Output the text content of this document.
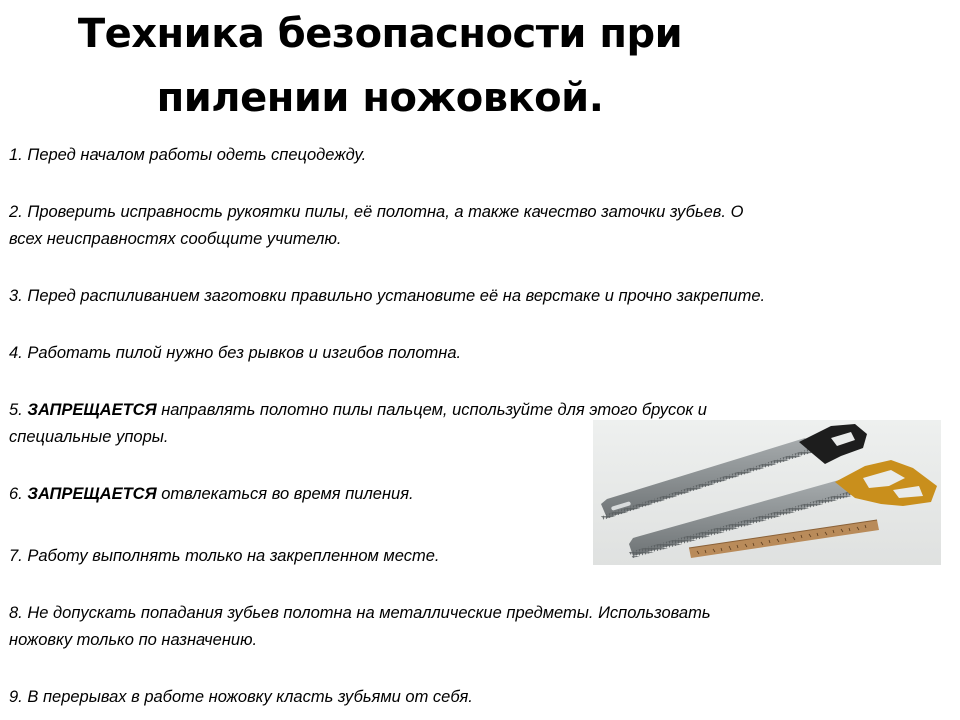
Техника безопасности при
пилении ножовкой.
1. Перед началом работы одеть спецодежду.
2. Проверить исправность рукоятки пилы, её полотна, а также качество заточки зубьев. О
всех неисправностях сообщите учителю.
3. Перед распиливанием заготовки правильно установите её на верстаке и прочно закрепите.
4. Работать пилой нужно без рывков и изгибов полотна.
5. ЗАПРЕЩАЕТСЯ направлять полотно пилы пальцем, используйте для этого брусок и
специальные упоры.
6. ЗАПРЕЩАЕТСЯ отвлекаться во время пиления.
7. Работу выполнять только на закрепленном месте.
8. Не допускать попадания зубьев полотна на металлические предметы. Использовать
ножовку только по назначению.
9. В перерывах в работе ножовку класть зубьями от себя.
